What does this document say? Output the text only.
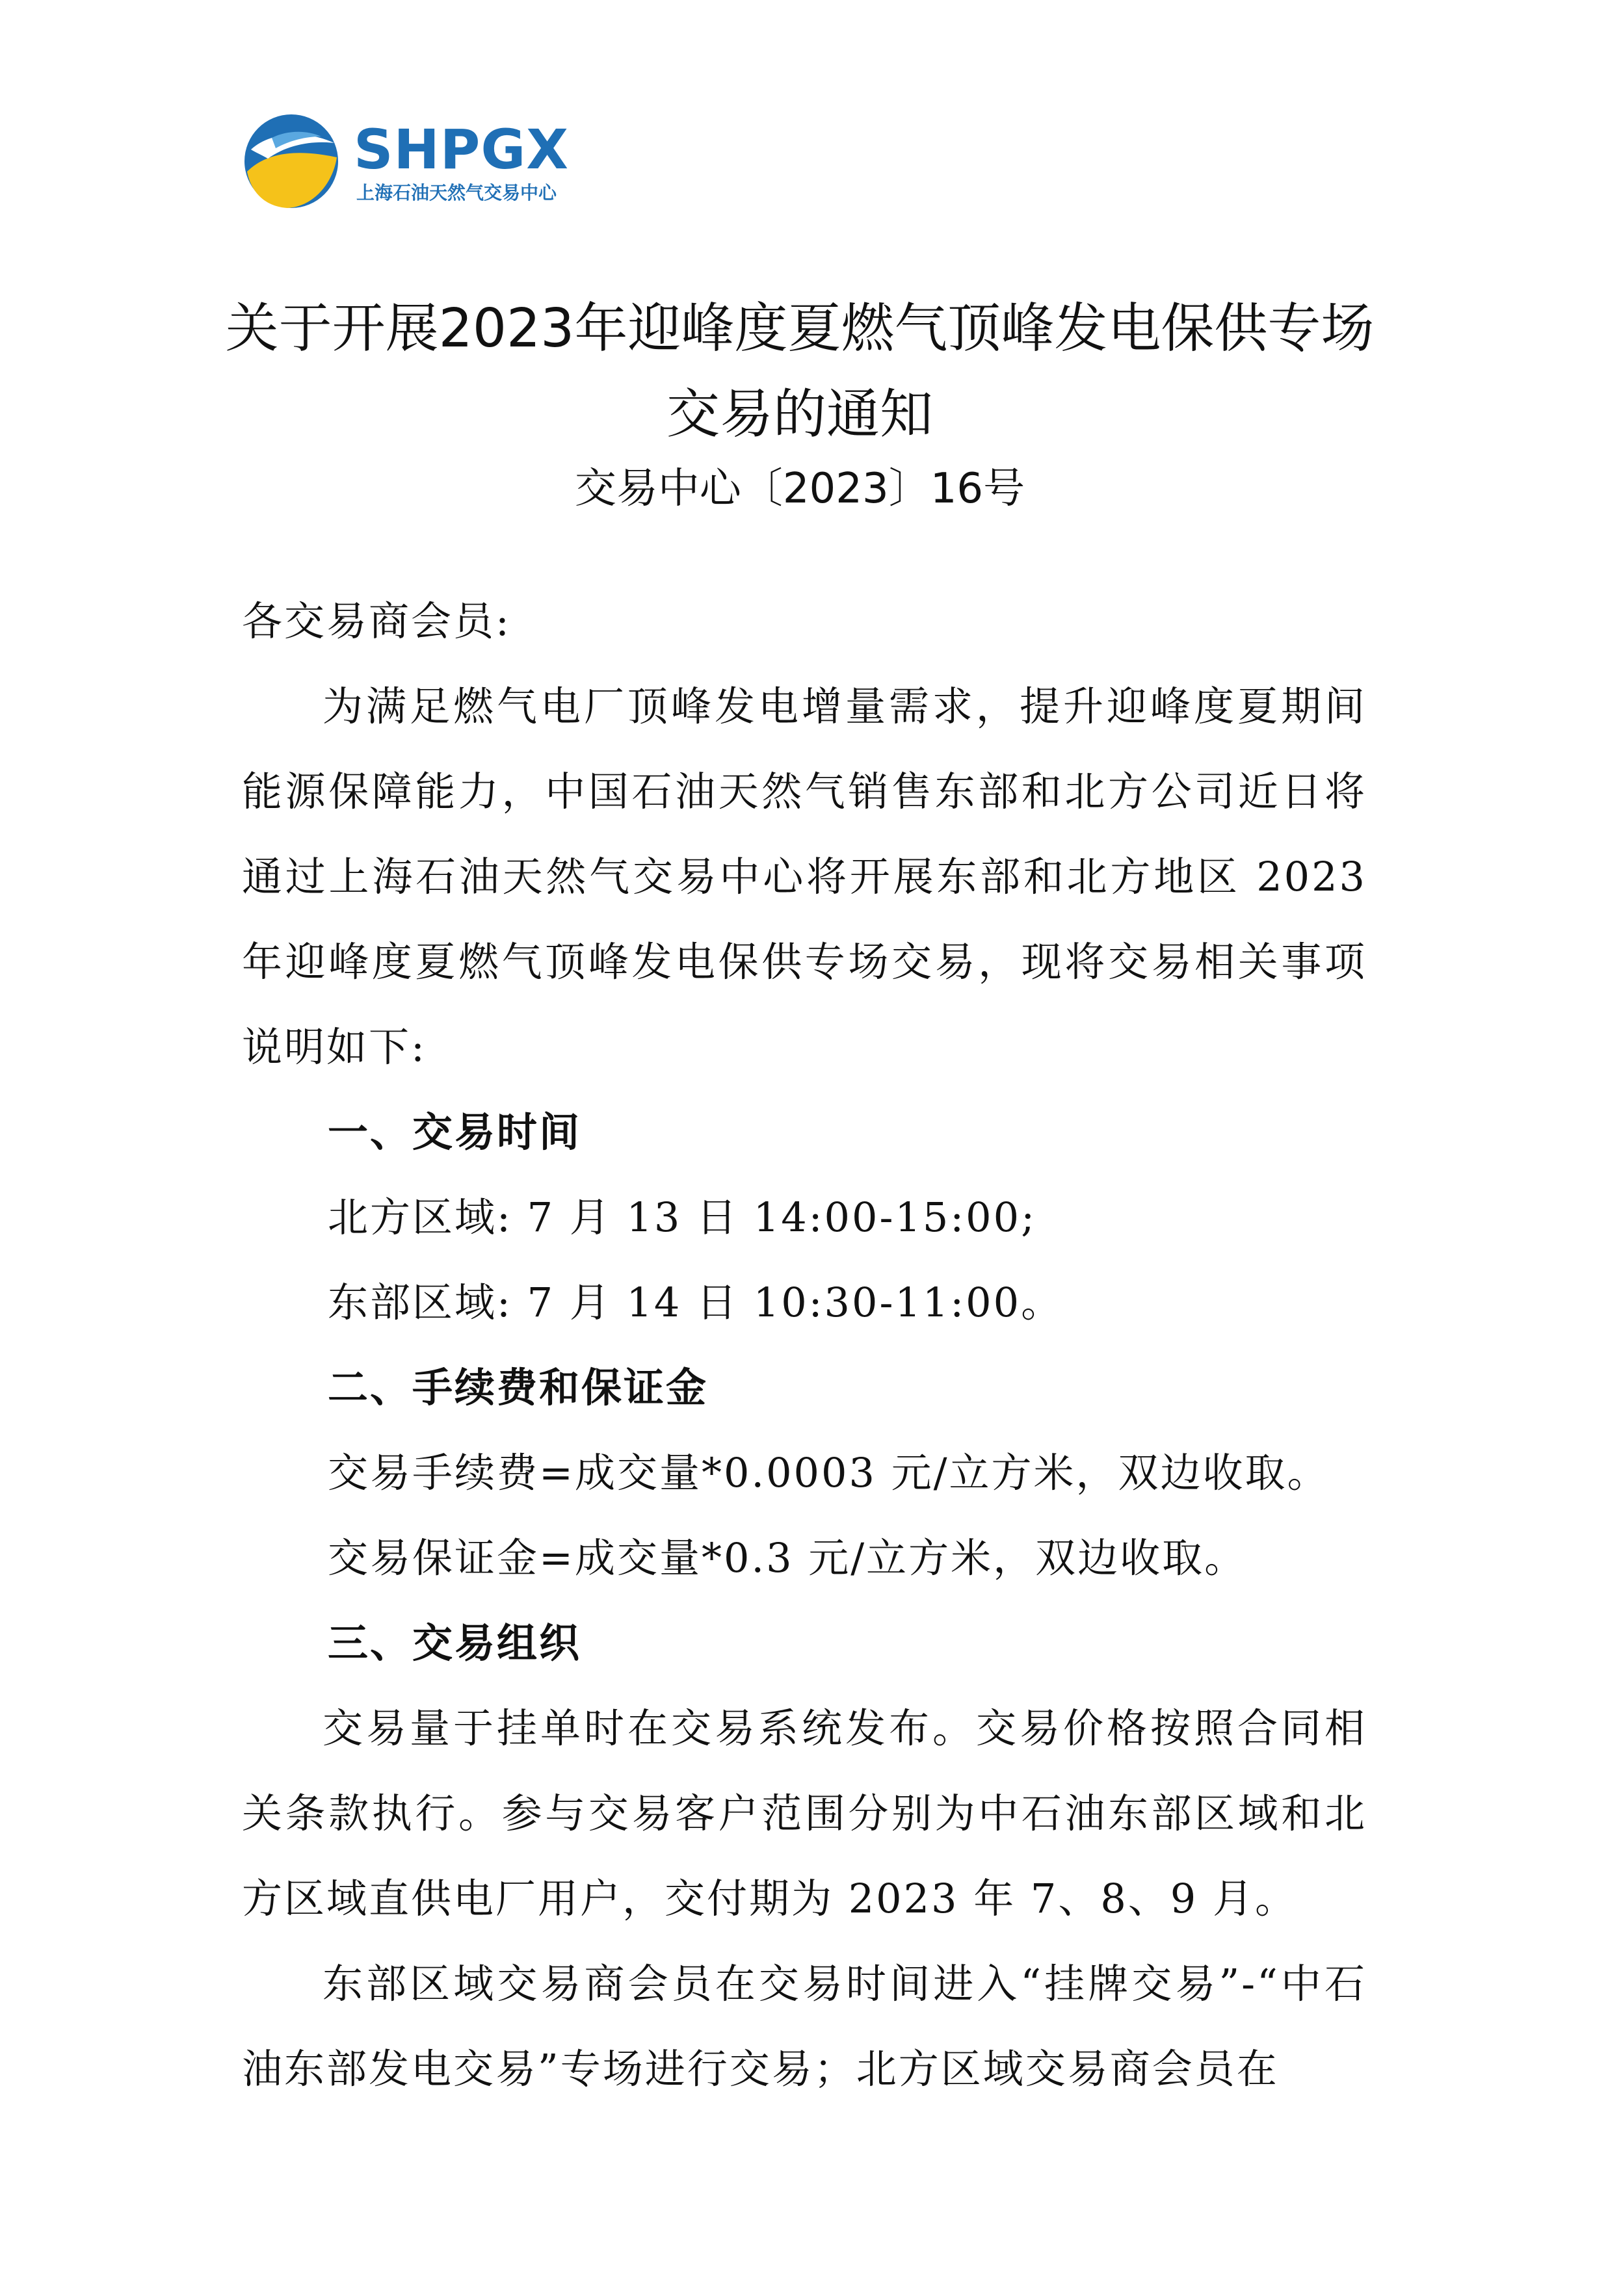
SHPGX
上海石油天然气交易中心
关于开展2023年迎峰度夏燃气顶峰发电保供专场交易的通知
交易中心〔2023〕16号

各交易商会员:

为满足燃气电厂顶峰发电增量需求，提升迎峰度夏期间能源保障能力，中国石油天然气销售东部和北方公司近日将通过上海石油天然气交易中心将开展东部和北方地区 2023年迎峰度夏燃气顶峰发电保供专场交易，现将交易相关事项说明如下:

一、交易时间

北方区域: 7 月 13 日 14:00-15:00;

东部区域: 7 月 14 日 10:30-11:00。

二、手续费和保证金

交易手续费=成交量*0.0003 元/立方米，双边收取。

交易保证金=成交量*0.3 元/立方米，双边收取。

三、交易组织

交易量于挂单时在交易系统发布。交易价格按照合同相关条款执行。参与交易客户范围分别为中石油东部区域和北方区域直供电厂用户，交付期为 2023 年 7、8、9 月。

东部区域交易商会员在交易时间进入“挂牌交易”-“中石油东部发电交易”专场进行交易；北方区域交易商会员在
